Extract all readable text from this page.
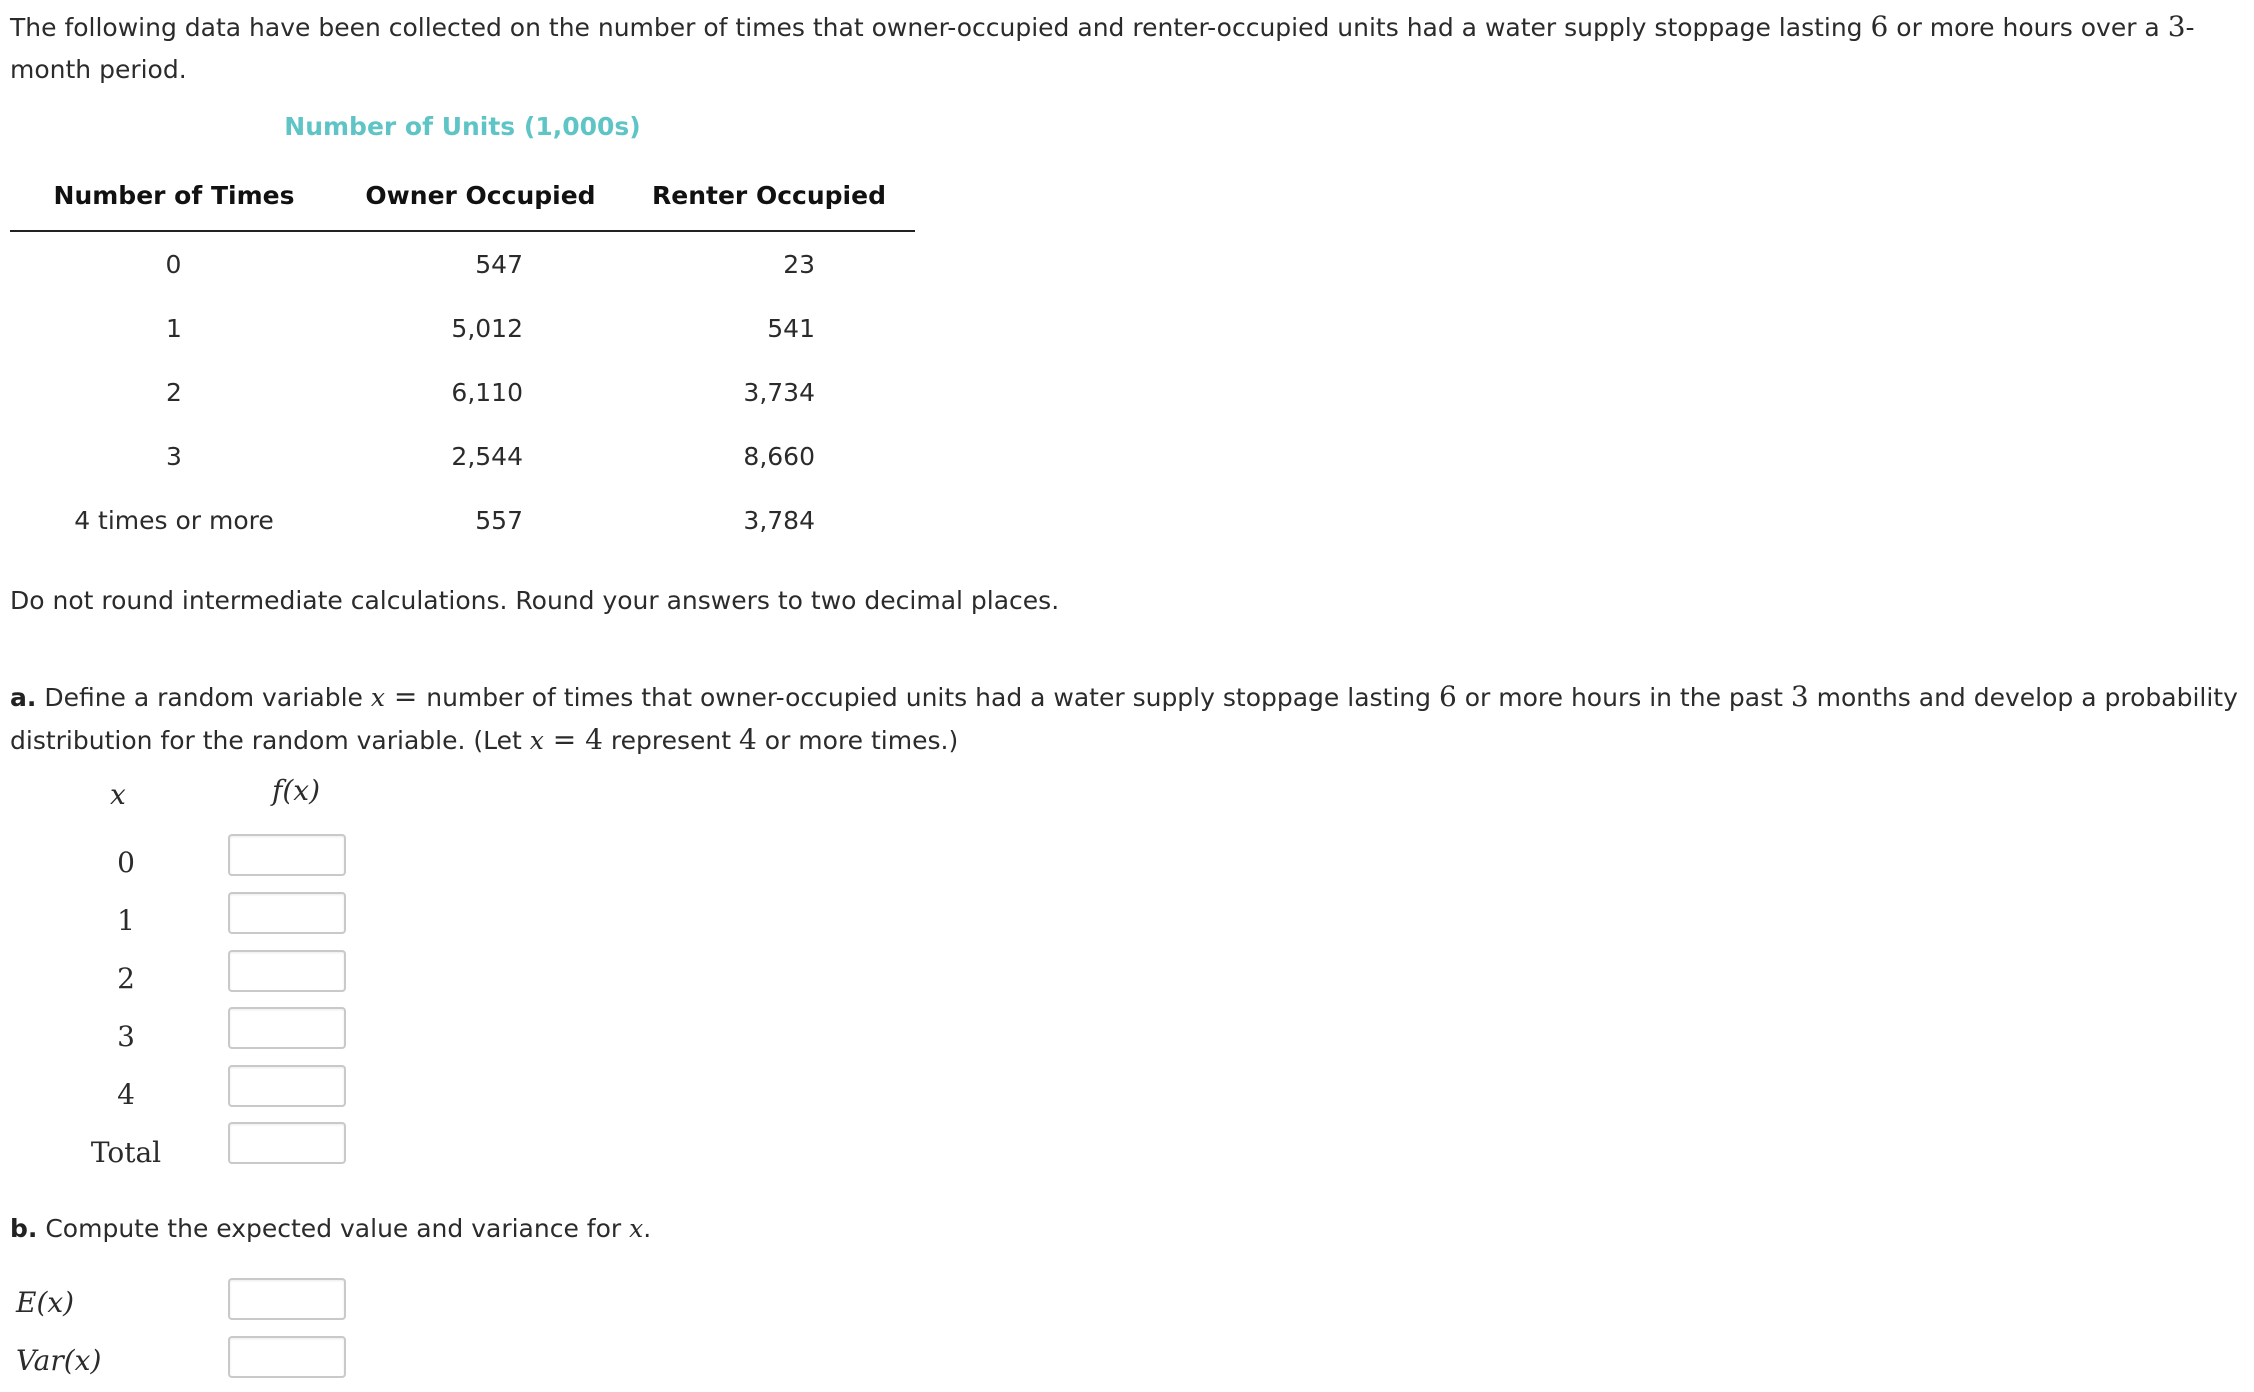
The following data have been collected on the number of times that owner-occupied and renter-occupied units had a water supply stoppage lasting 6 or more hours over a 3-month period.

Number of Units (1,000s)
Number of Times	Owner Occupied	Renter Occupied
0	547	23
1	5,012	541
2	6,110	3,734
3	2,544	8,660
4 times or more	557	3,784

Do not round intermediate calculations. Round your answers to two decimal places.

a. Define a random variable x = number of times that owner-occupied units had a water supply stoppage lasting 6 or more hours in the past 3 months and develop a probability distribution for the random variable. (Let x = 4 represent 4 or more times.)

x	f(x)
0
1
2
3
4
Total

b. Compute the expected value and variance for x.

E(x)
Var(x)
